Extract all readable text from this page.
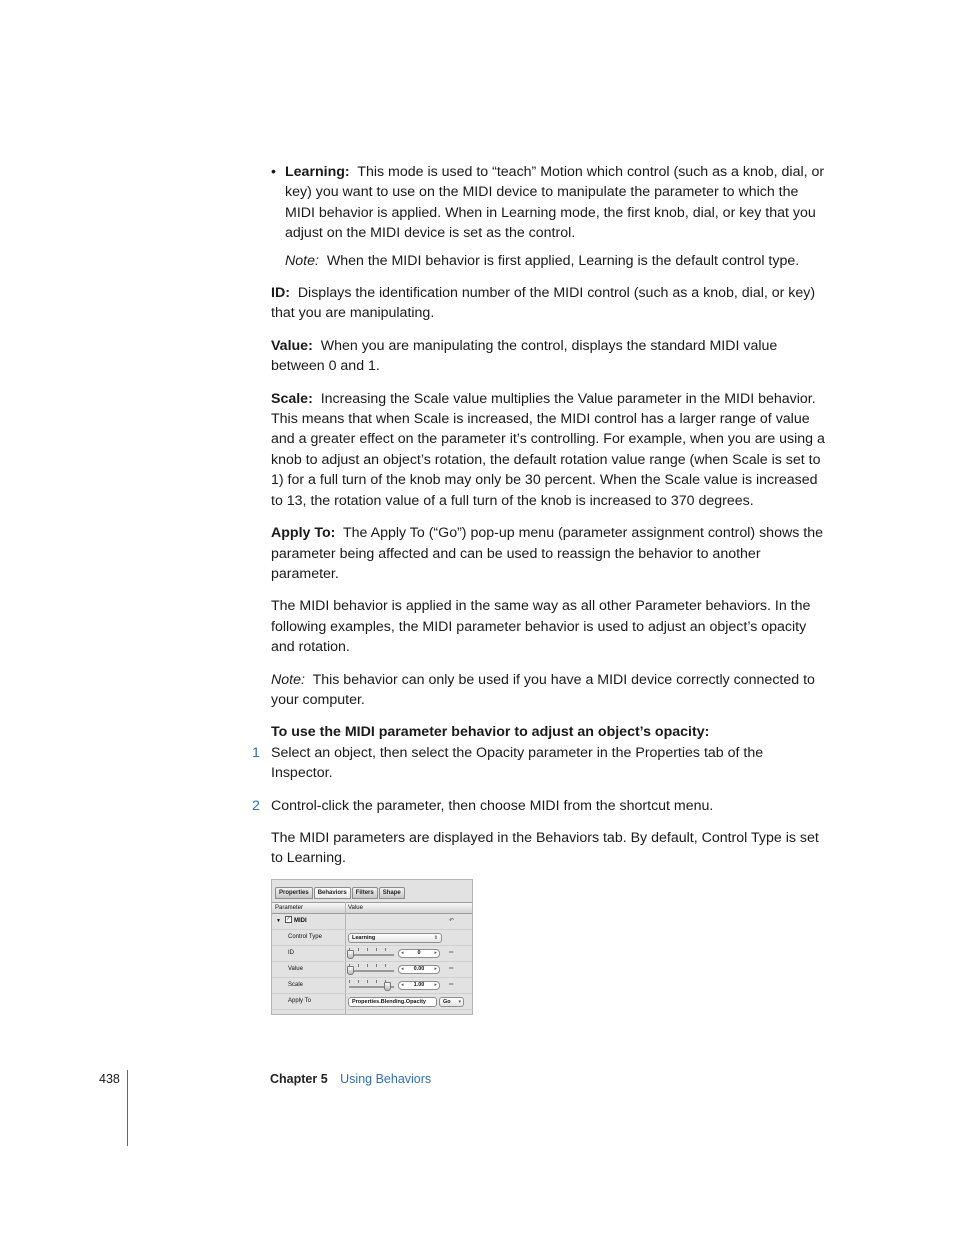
• Learning: This mode is used to “teach” Motion which control (such as a knob, dial, or key) you want to use on the MIDI device to manipulate the parameter to which the MIDI behavior is applied. When in Learning mode, the first knob, dial, or key that you adjust on the MIDI device is set as the control.

Note: When the MIDI behavior is first applied, Learning is the default control type.

ID: Displays the identification number of the MIDI control (such as a knob, dial, or key) that you are manipulating.

Value: When you are manipulating the control, displays the standard MIDI value between 0 and 1.

Scale: Increasing the Scale value multiplies the Value parameter in the MIDI behavior. This means that when Scale is increased, the MIDI control has a larger range of value and a greater effect on the parameter it’s controlling. For example, when you are using a knob to adjust an object’s rotation, the default rotation value range (when Scale is set to 1) for a full turn of the knob may only be 30 percent. When the Scale value is increased to 13, the rotation value of a full turn of the knob is increased to 370 degrees.

Apply To: The Apply To (“Go”) pop-up menu (parameter assignment control) shows the parameter being affected and can be used to reassign the behavior to another parameter.

The MIDI behavior is applied in the same way as all other Parameter behaviors. In the following examples, the MIDI parameter behavior is used to adjust an object’s opacity and rotation.

Note: This behavior can only be used if you have a MIDI device correctly connected to your computer.

To use the MIDI parameter behavior to adjust an object’s opacity:

1 Select an object, then select the Opacity parameter in the Properties tab of the Inspector.

2 Control-click the parameter, then choose MIDI from the shortcut menu.

The MIDI parameters are displayed in the Behaviors tab. By default, Control Type is set to Learning.

Properties	Behaviors	Filters	Shape
Parameter	Value
▼ MIDI	↶
✓
Control Type	Learning	⇕
ID	◂	0	▸ ═
Value	◂ 0.00 ▸ ═
Scale	◂ 1.00 ▸ ═
Apply To	Properties.Blending.Opacity	Go ▾
438	Chapter 5 Using Behaviors
